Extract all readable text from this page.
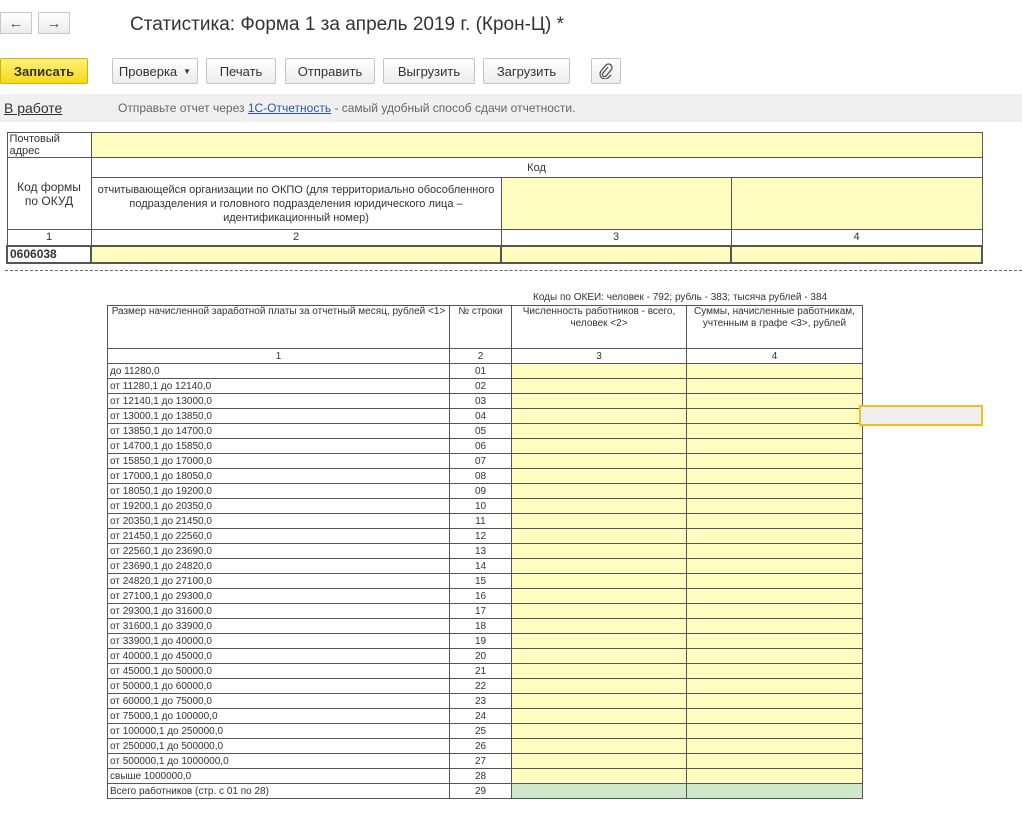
← →	Статистика: Форма 1 за апрель 2019 г. (Крон-Ц) *
Записать	Проверка ▼	Печать	Отправить	Выгрузить	Загрузить
В работе	Отправьте отчет через 1С-Отчетность - самый удобный способ сдачи отчетности.
Почтовый адрес			
Код формы по ОКУД	Код		
	отчитывающейся организации по ОКПО (для территориально обособленного подразделения и головного подразделения юридического лица – идентификационный номер)		
1	2	3	4
0606038			
Коды по ОКЕИ: человек - 792; рубль - 383; тысяча рублей - 384
Размер начисленной заработной платы за отчетный месяц, рублей <1>	№ строки	Численность работников - всего, человек <2>	Суммы, начисленные работникам, учтенным в графе <3>, рублей
1	2	3	4
до 11280,0	01		
от 11280,1 до 12140,0	02		
от 12140,1 до 13000,0	03		
от 13000,1 до 13850,0	04		
от 13850,1 до 14700,0	05		
от 14700,1 до 15850,0	06		
от 15850,1 до 17000,0	07		
от 17000,1 до 18050,0	08		
от 18050,1 до 19200,0	09		
от 19200,1 до 20350,0	10		
от 20350,1 до 21450,0	11		
от 21450,1 до 22560,0	12		
от 22560,1 до 23690,0	13		
от 23690,1 до 24820,0	14		
от 24820,1 до 27100,0	15		
от 27100,1 до 29300,0	16		
от 29300,1 до 31600,0	17		
от 31600,1 до 33900,0	18		
от 33900,1 до 40000,0	19		
от 40000,1 до 45000,0	20		
от 45000,1 до 50000,0	21		
от 50000,1 до 60000,0	22		
от 60000,1 до 75000,0	23		
от 75000,1 до 100000,0	24		
от 100000,1 до 250000,0	25		
от 250000,1 до 500000,0	26		
от 500000,1 до 1000000,0	27		
свыше 1000000,0	28		
Всего работников (стр. с 01 по 28)	29		
